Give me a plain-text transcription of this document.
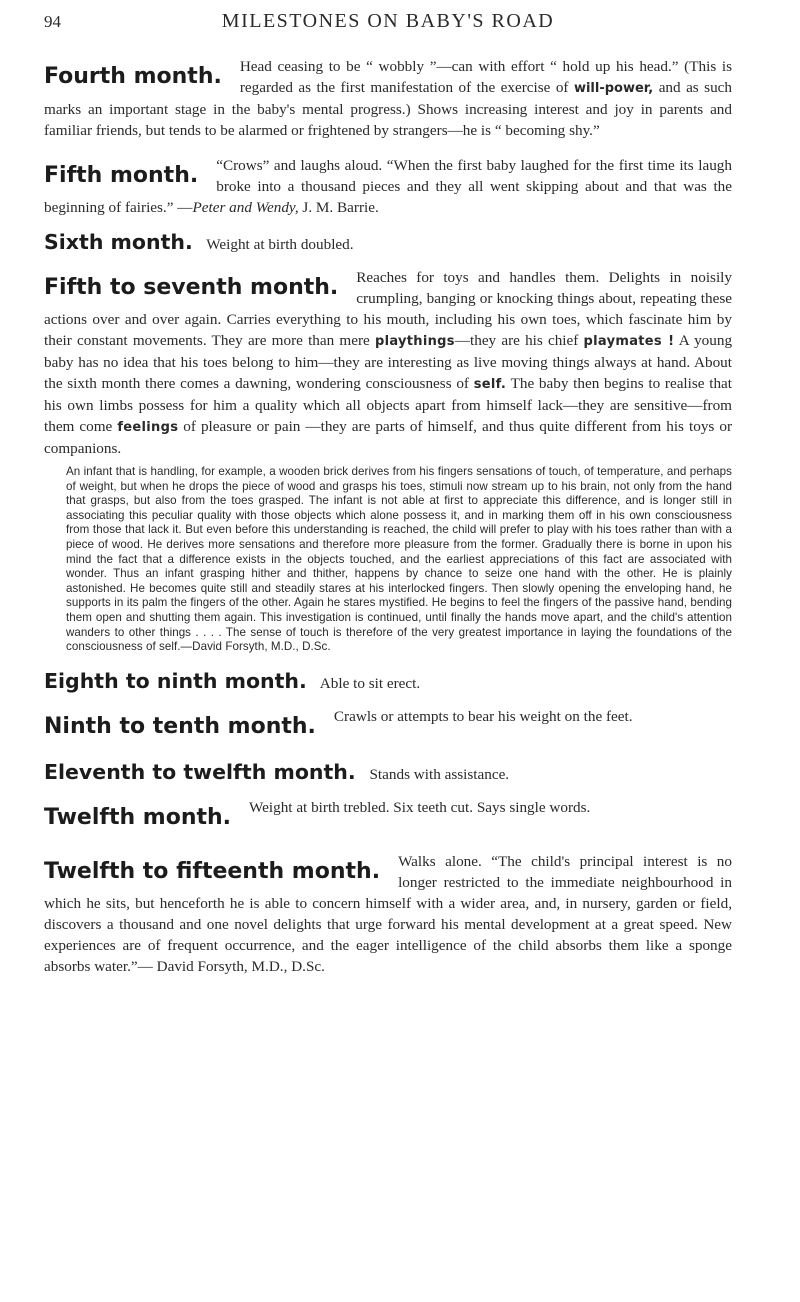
94	MILESTONES ON BABY'S ROAD
Fourth month. Head ceasing to be “ wobbly ”—can with effort “ hold up his head.” (This is regarded as the first manifestation of the exercise of will-power, and as such marks an important stage in the baby's mental progress.) Shows increasing interest and joy in parents and familiar friends, but tends to be alarmed or frightened by strangers—he is “ becoming shy.”
Fifth month. “Crows” and laughs aloud. “When the first baby laughed for the first time its laugh broke into a thousand pieces and they all went skipping about and that was the beginning of fairies.” —Peter and Wendy, J. M. Barrie.
Sixth month. Weight at birth doubled.
Fifth to seventh month. Reaches for toys and handles them. Delights in noisily crumpling, banging or knocking things about, repeating these actions over and over again. Carries everything to his mouth, including his own toes, which fascinate him by their constant movements. They are more than mere playthings—they are his chief playmates ! A young baby has no idea that his toes belong to him—they are interesting as live moving things always at hand. About the sixth month there comes a dawning, wondering consciousness of self. The baby then begins to realise that his own limbs possess for him a quality which all objects apart from himself lack—they are sensitive—from them come feelings of pleasure or pain —they are parts of himself, and thus quite different from his toys or companions.
An infant that is handling, for example, a wooden brick derives from his fingers sensations of touch, of temperature, and perhaps of weight, but when he drops the piece of wood and grasps his toes, stimuli now stream up to his brain, not only from the hand that grasps, but also from the toes grasped. The infant is not able at first to appreciate this difference, and is longer still in associating this peculiar quality with those objects which alone possess it, and in marking them off in his own consciousness from those that lack it. But even before this understanding is reached, the child will prefer to play with his toes rather than with a piece of wood. He derives more sensations and therefore more pleasure from the former. Gradually there is borne in upon his mind the fact that a difference exists in the objects touched, and the earliest appreciations of this fact are associated with wonder. Thus an infant grasping hither and thither, happens by chance to seize one hand with the other. He is plainly astonished. He becomes quite still and steadily stares at his interlocked fingers. Then slowly opening the enveloping hand, he supports in its palm the fingers of the other. Again he stares mystified. He begins to feel the fingers of the passive hand, bending them open and shutting them again. This investigation is continued, until finally the hands move apart, and the child's attention wanders to other things . . . . The sense of touch is therefore of the very greatest importance in laying the foundations of the consciousness of self.—David Forsyth, M.D., D.Sc.
Eighth to ninth month. Able to sit erect.
Ninth to tenth month. Crawls or attempts to bear his weight on the feet.
Eleventh to twelfth month. Stands with assistance.
Twelfth month. Weight at birth trebled. Six teeth cut. Says single words.
Twelfth to fifteenth month. Walks alone. “The child's principal interest is no longer restricted to the immediate neighbourhood in which he sits, but henceforth he is able to concern himself with a wider area, and, in nursery, garden or field, discovers a thousand and one novel delights that urge forward his mental development at a great speed. New experiences are of frequent occurrence, and the eager intelligence of the child absorbs them like a sponge absorbs water.”— David Forsyth, M.D., D.Sc.
